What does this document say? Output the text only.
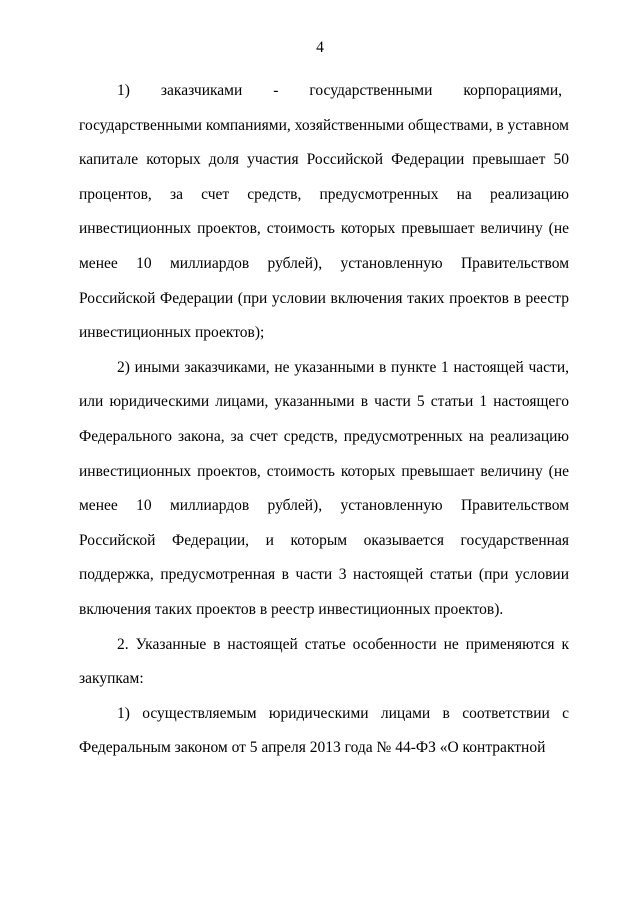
4

1)  заказчиками  -  государственными  корпорациями, государственными компаниями, хозяйственными обществами, в уставном капитале которых доля участия Российской Федерации превышает 50 процентов, за счет средств, предусмотренных на реализацию инвестиционных проектов, стоимость которых превышает величину (не менее 10 миллиардов рублей), установленную Правительством Российской Федерации (при условии включения таких проектов в реестр инвестиционных проектов);

2) иными заказчиками, не указанными в пункте 1 настоящей части, или юридическими лицами, указанными в части 5 статьи 1 настоящего Федерального закона, за счет средств, предусмотренных на реализацию инвестиционных проектов, стоимость которых превышает величину (не менее 10 миллиардов рублей), установленную Правительством Российской Федерации, и которым оказывается государственная поддержка, предусмотренная в части 3 настоящей статьи (при условии включения таких проектов в реестр инвестиционных проектов).

2. Указанные в настоящей статье особенности не применяются к закупкам:

1) осуществляемым юридическими лицами в соответствии с Федеральным законом от 5 апреля 2013 года № 44-ФЗ «О контрактной
